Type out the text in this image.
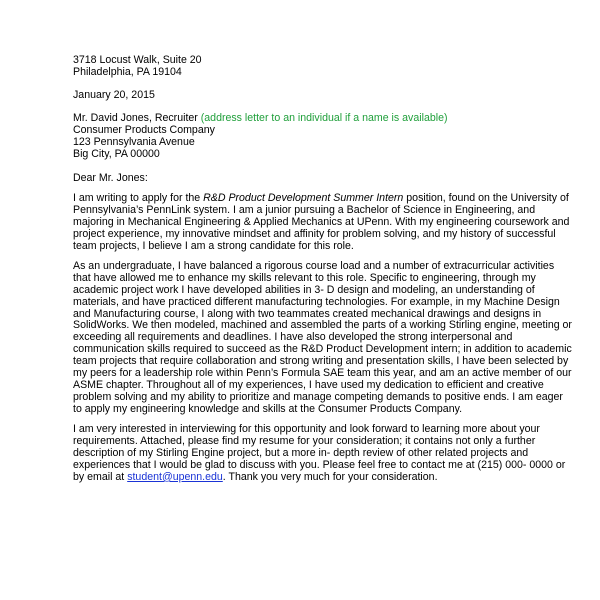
3718 Locust Walk, Suite 20
Philadelphia, PA 19104
January 20, 2015
Mr. David Jones, Recruiter (address letter to an individual if a name is available)
Consumer Products Company
123 Pennsylvania Avenue
Big City, PA 00000
Dear Mr. Jones:
I am writing to apply for the R&D Product Development Summer Intern position, found on the University of Pennsylvania’s PennLink system. I am a junior pursuing a Bachelor of Science in Engineering, and majoring in Mechanical Engineering & Applied Mechanics at UPenn. With my engineering coursework and project experience, my innovative mindset and affinity for problem solving, and my history of successful team projects, I believe I am a strong candidate for this role.
As an undergraduate, I have balanced a rigorous course load and a number of extracurricular activities that have allowed me to enhance my skills relevant to this role. Specific to engineering, through my academic project work I have developed abilities in 3- D design and modeling, an understanding of materials, and have practiced different manufacturing technologies. For example, in my Machine Design and Manufacturing course, I along with two teammates created mechanical drawings and designs in SolidWorks. We then modeled, machined and assembled the parts of a working Stirling engine, meeting or exceeding all requirements and deadlines. I have also developed the strong interpersonal and communication skills required to succeed as the R&D Product Development intern; in addition to academic team projects that require collaboration and strong writing and presentation skills, I have been selected by my peers for a leadership role within Penn’s Formula SAE team this year, and am an active member of our ASME chapter. Throughout all of my experiences, I have used my dedication to efficient and creative problem solving and my ability to prioritize and manage competing demands to positive ends. I am eager to apply my engineering knowledge and skills at the Consumer Products Company.
I am very interested in interviewing for this opportunity and look forward to learning more about your requirements. Attached, please find my resume for your consideration; it contains not only a further description of my Stirling Engine project, but a more in- depth review of other related projects and experiences that I would be glad to discuss with you. Please feel free to contact me at (215) 000- 0000 or by email at student@upenn.edu. Thank you very much for your consideration.
